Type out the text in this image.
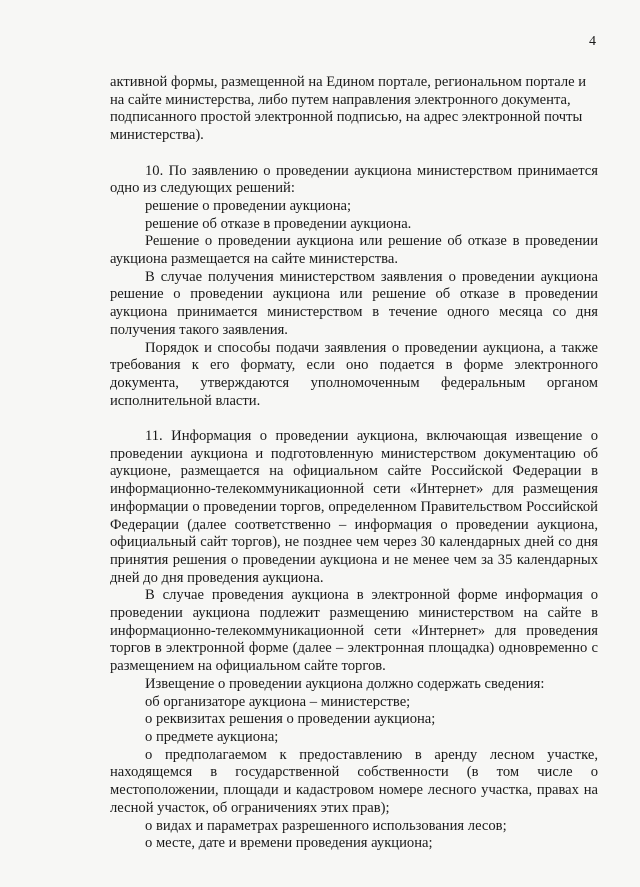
4

активной формы, размещенной на Едином портале, региональном портале и на сайте министерства, либо путем направления электронного документа, подписанного простой электронной подписью, на адрес электронной почты министерства).

10. По заявлению о проведении аукциона министерством принимается одно из следующих решений:

решение о проведении аукциона;

решение об отказе в проведении аукциона.

Решение о проведении аукциона или решение об отказе в проведении аукциона размещается на сайте министерства.

В случае получения министерством заявления о проведении аукциона решение о проведении аукциона или решение об отказе в проведении аукциона принимается министерством в течение одного месяца со дня получения такого заявления.

Порядок и способы подачи заявления о проведении аукциона, а также требования к его формату, если оно подается в форме электронного документа, утверждаются уполномоченным федеральным органом исполнительной власти.

11. Информация о проведении аукциона, включающая извещение о проведении аукциона и подготовленную министерством документацию об аукционе, размещается на официальном сайте Российской Федерации в информационно-телекоммуникационной сети «Интернет» для размещения информации о проведении торгов, определенном Правительством Российской Федерации (далее соответственно – информация о проведении аукциона, официальный сайт торгов), не позднее чем через 30 календарных дней со дня принятия решения о проведении аукциона и не менее чем за 35 календарных дней до дня проведения аукциона.

В случае проведения аукциона в электронной форме информация о проведении аукциона подлежит размещению министерством на сайте в информационно-телекоммуникационной сети «Интернет» для проведения торгов в электронной форме (далее – электронная площадка) одновременно с размещением на официальном сайте торгов.

Извещение о проведении аукциона должно содержать сведения:

об организаторе аукциона – министерстве;

о реквизитах решения о проведении аукциона;

о предмете аукциона;

о предполагаемом к предоставлению в аренду лесном участке, находящемся в государственной собственности (в том числе о местоположении, площади и кадастровом номере лесного участка, правах на лесной участок, об ограничениях этих прав);

о видах и параметрах разрешенного использования лесов;

о месте, дате и времени проведения аукциона;
